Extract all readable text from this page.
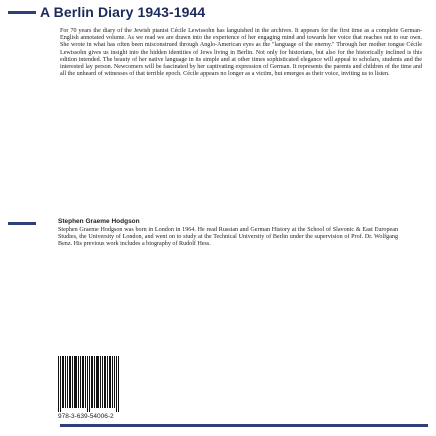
A Berlin Diary 1943-1944
For 70 years the diary of the Jewish pianist Cécile Lewissohn has languished in the archives. It appears for the first time as a complete German-English annotated volume. As we read we are drawn into the experience of her engaging mind and towards her voice that reaches out to our own. She wrote in what has often been misconstrued through Anglo-American eyes as the "language of the enemy." Through her mother tongue Cécile Lewissohn gives us insight into the hidden identities of Jews living in Berlin. Not only for historians, but also for the historically inclined is this edition intended. The beauty of her native language in its simple and at other times sophisticated elegance will appeal to scholars, students and the interested lay person. Newcomers will be fascinated by her captivating expression of German. It represents the parents and children of the time and all the unheard of witnesses of that terrible epoch. Cécile appears no longer as a victim, but emerges as their voice, inviting us to listen.
Stephen Graeme Hodgson
Stephen Graeme Hodgson was born in London in 1964. He read Russian and German History at the School of Slavonic & East European Studies, the University of London, and went on to study at the Technical University of Berlin under the supervision of Prof. Dr. Wolfgang Benz. His previous work includes a biography of Rudolf Hess.
978-3-639-54006-2
